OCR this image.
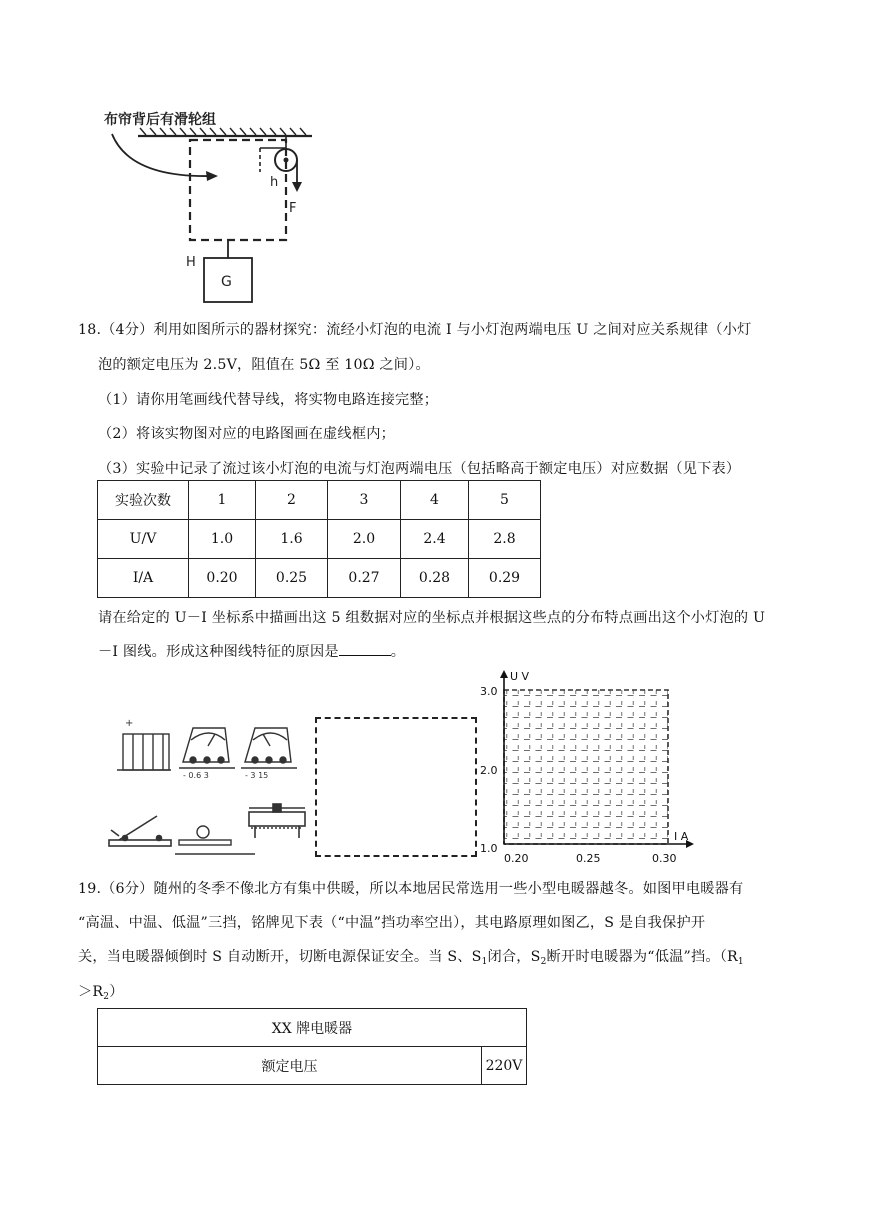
布帘背后有滑轮组
h
F
H
G
18.（4分）利用如图所示的器材探究：流经小灯泡的电流 I 与小灯泡两端电压 U 之间对应关系规律（小灯
泡的额定电压为 2.5V，阻值在 5Ω 至 10Ω 之间）。
（1）请你用笔画线代替导线，将实物电路连接完整；
（2）将该实物图对应的电路图画在虚线框内；
（3）实验中记录了流过该小灯泡的电流与灯泡两端电压（包括略高于额定电压）对应数据（见下表）
实验次数	1	2	3	4	5
U/V	1.0	1.6	2.0	2.4	2.8
I/A	0.20	0.25	0.27	0.28	0.29
请在给定的 U－I 坐标系中描画出这 5 组数据对应的坐标点并根据这些点的分布特点画出这个小灯泡的 U
－I 图线。形成这种图线特征的原因是	。
+
- 0.6 3	- 3 15
U V
I A
3.0
2.0
1.0
0.20	0.25	0.30
19.（6分）随州的冬季不像北方有集中供暖，所以本地居民常选用一些小型电暖器越冬。如图甲电暖器有
“高温、中温、低温”三挡，铭牌见下表（“中温”挡功率空出），其电路原理如图乙，S 是自我保护开
关，当电暖器倾倒时 S 自动断开，切断电源保证安全。当 S、$S_1$闭合，$S_2$断开时电暖器为“低温”挡。（$R_1$
$>R_2$）
XX 牌电暖器
额定电压	220V
